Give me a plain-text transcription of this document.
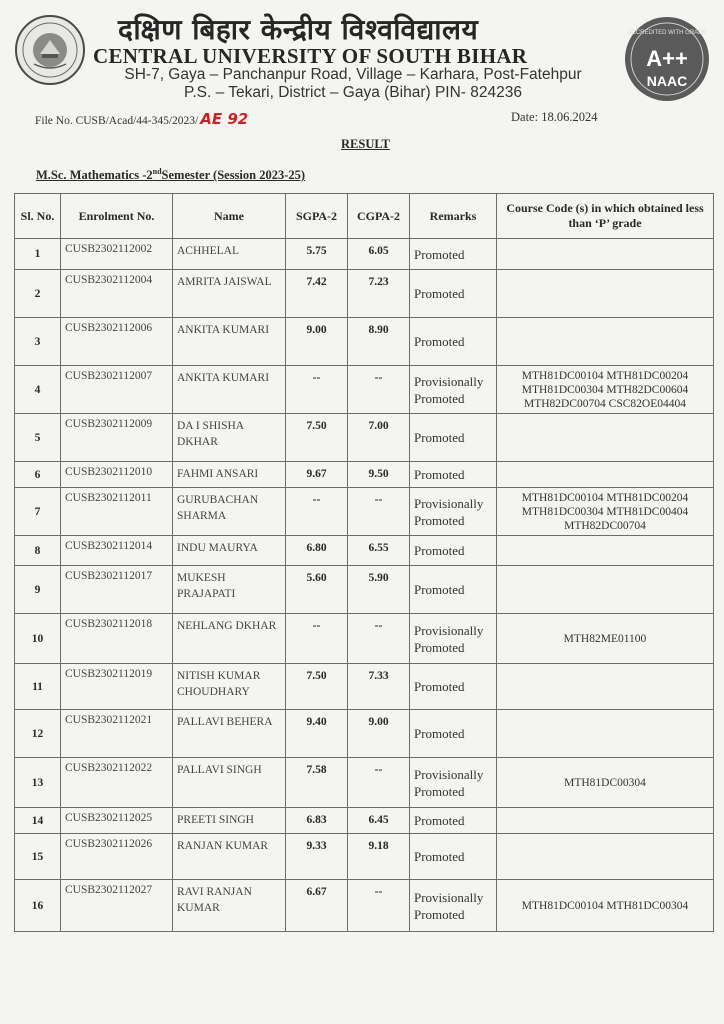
दक्षिण बिहार केन्द्रीय विश्वविद्यालय
CENTRAL UNIVERSITY OF SOUTH BIHAR
SH-7, Gaya – Panchanpur Road, Village – Karhara, Post-Fatehpur
P.S. – Tekari, District – Gaya (Bihar) PIN- 824236
ACCREDITED WITH GRADE
A++
NAAC
File No. CUSB/Acad/44-345/2023/ AE 92	Date: 18.06.2024
RESULT
M.Sc. Mathematics -2ndSemester (Session 2023-25)
Sl. No.	Enrolment No.	Name	SGPA-2	CGPA-2	Remarks	Course Code (s) in which obtained less than ‘P’ grade
1	CUSB2302112002	ACHHELAL	5.75	6.05	Promoted	
2	CUSB2302112004	AMRITA JAISWAL	7.42	7.23	Promoted	
3	CUSB2302112006	ANKITA KUMARI	9.00	8.90	Promoted	
4	CUSB2302112007	ANKITA KUMARI	--	--	Provisionally Promoted	MTH81DC00104 MTH81DC00204 MTH81DC00304 MTH82DC00604 MTH82DC00704 CSC82OE04404
5	CUSB2302112009	DA I SHISHA DKHAR	7.50	7.00	Promoted	
6	CUSB2302112010	FAHMI ANSARI	9.67	9.50	Promoted	
7	CUSB2302112011	GURUBACHAN SHARMA	--	--	Provisionally Promoted	MTH81DC00104 MTH81DC00204 MTH81DC00304 MTH81DC00404 MTH82DC00704
8	CUSB2302112014	INDU MAURYA	6.80	6.55	Promoted	
9	CUSB2302112017	MUKESH PRAJAPATI	5.60	5.90	Promoted	
10	CUSB2302112018	NEHLANG DKHAR	--	--	Provisionally Promoted	MTH82ME01100
11	CUSB2302112019	NITISH KUMAR CHOUDHARY	7.50	7.33	Promoted	
12	CUSB2302112021	PALLAVI BEHERA	9.40	9.00	Promoted	
13	CUSB2302112022	PALLAVI SINGH	7.58	--	Provisionally Promoted	MTH81DC00304
14	CUSB2302112025	PREETI SINGH	6.83	6.45	Promoted	
15	CUSB2302112026	RANJAN KUMAR	9.33	9.18	Promoted	
16	CUSB2302112027	RAVI RANJAN KUMAR	6.67	--	Provisionally Promoted	MTH81DC00104 MTH81DC00304
